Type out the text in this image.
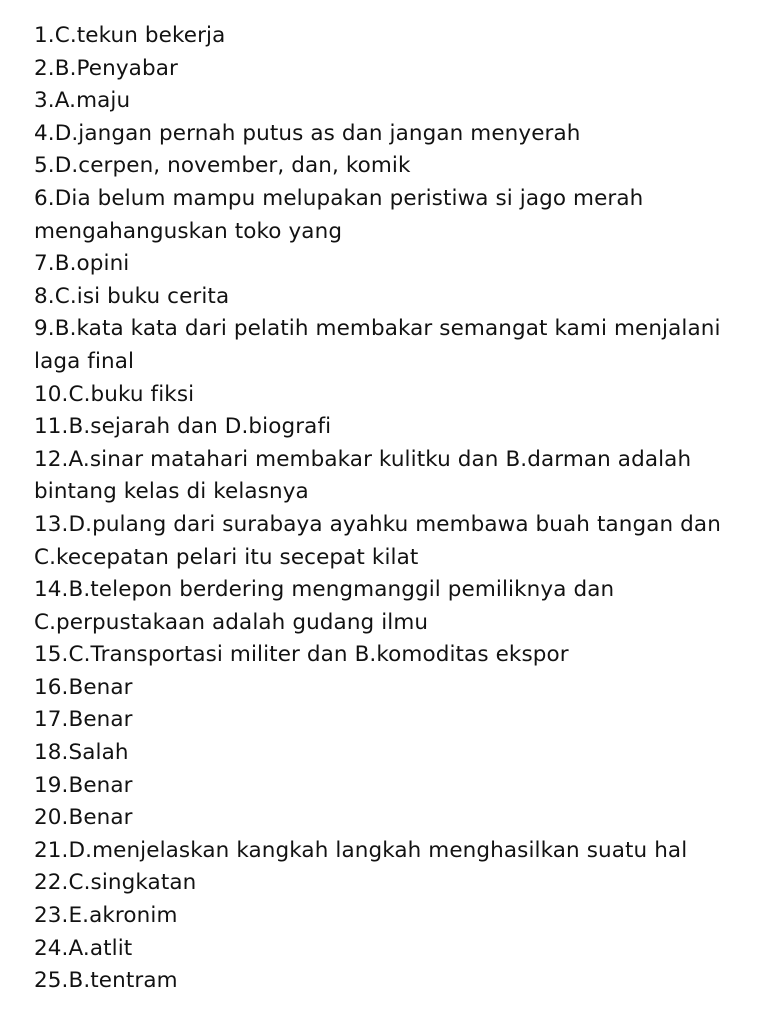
1.C.tekun bekerja
2.B.Penyabar
3.A.maju
4.D.jangan pernah putus as dan jangan menyerah
5.D.cerpen, november, dan, komik
6.Dia belum mampu melupakan peristiwa si jago merah mengahanguskan toko yang
7.B.opini
8.C.isi buku cerita
9.B.kata kata dari pelatih membakar semangat kami menjalani laga final
10.C.buku fiksi
11.B.sejarah dan D.biografi
12.A.sinar matahari membakar kulitku dan B.darman adalah bintang kelas di kelasnya
13.D.pulang dari surabaya ayahku membawa buah tangan dan C.kecepatan pelari itu secepat kilat
14.B.telepon berdering mengmanggil pemiliknya dan C.perpustakaan adalah gudang ilmu
15.C.Transportasi militer dan B.komoditas ekspor
16.Benar
17.Benar
18.Salah
19.Benar
20.Benar
21.D.menjelaskan kangkah langkah menghasilkan suatu hal
22.C.singkatan
23.E.akronim
24.A.atlit
25.B.tentram
